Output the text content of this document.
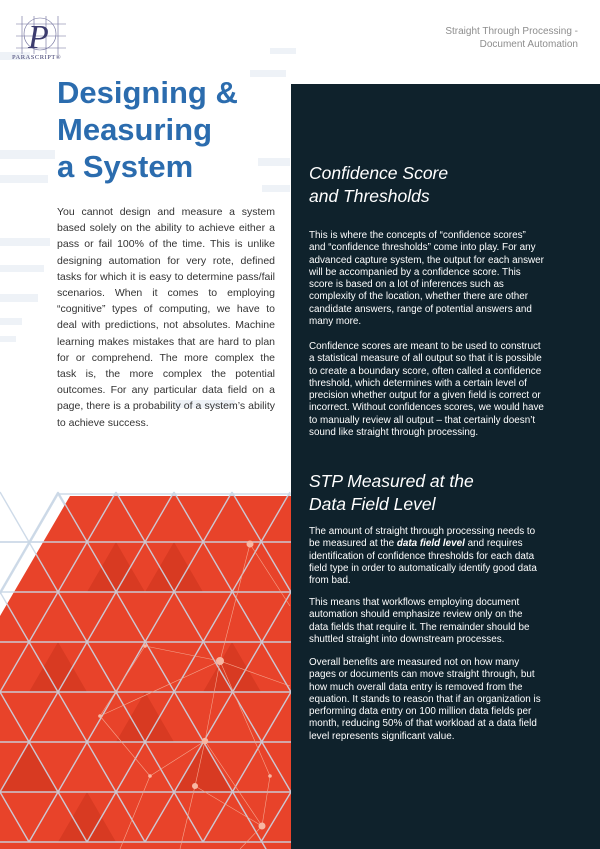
P
PARASCRIPT®
Straight Through Processing -
Document Automation
Designing &
Measuring
a System

You cannot design and measure a system based solely on the ability to achieve either a pass or fail 100% of the time. This is unlike designing automation for very rote, defined tasks for which it is easy to determine pass/fail scenarios. When it comes to employing “cognitive” types of computing, we have to deal with predictions, not absolutes. Machine learning makes mistakes that are hard to plan for or comprehend. The more complex the task is, the more complex the potential outcomes. For any particular data field on a page, there is a probability of a system’s ability to achieve success.

Confidence Score
and Thresholds

This is where the concepts of “confidence scores” and “confidence thresholds” come into play. For any advanced capture system, the output for each answer will be accompanied by a confidence score. This score is based on a lot of inferences such as complexity of the location, whether there are other candidate answers, range of potential answers and many more.

Confidence scores are meant to be used to construct a statistical measure of all output so that it is possible to create a boundary score, often called a confidence threshold, which determines with a certain level of precision whether output for a given field is correct or incorrect. Without confidences scores, we would have to manually review all output – that certainly doesn’t sound like straight through processing.

STP Measured at the
Data Field Level

The amount of straight through processing needs to be measured at the data field level and requires identification of confidence thresholds for each data field type in order to automatically identify good data from bad.

This means that workflows employing document automation should emphasize review only on the data fields that require it. The remainder should be shuttled straight into downstream processes.

Overall benefits are measured not on how many pages or documents can move straight through, but how much overall data entry is removed from the equation. It stands to reason that if an organization is performing data entry on 100 million data fields per month, reducing 50% of that workload at a data field level represents significant value.
